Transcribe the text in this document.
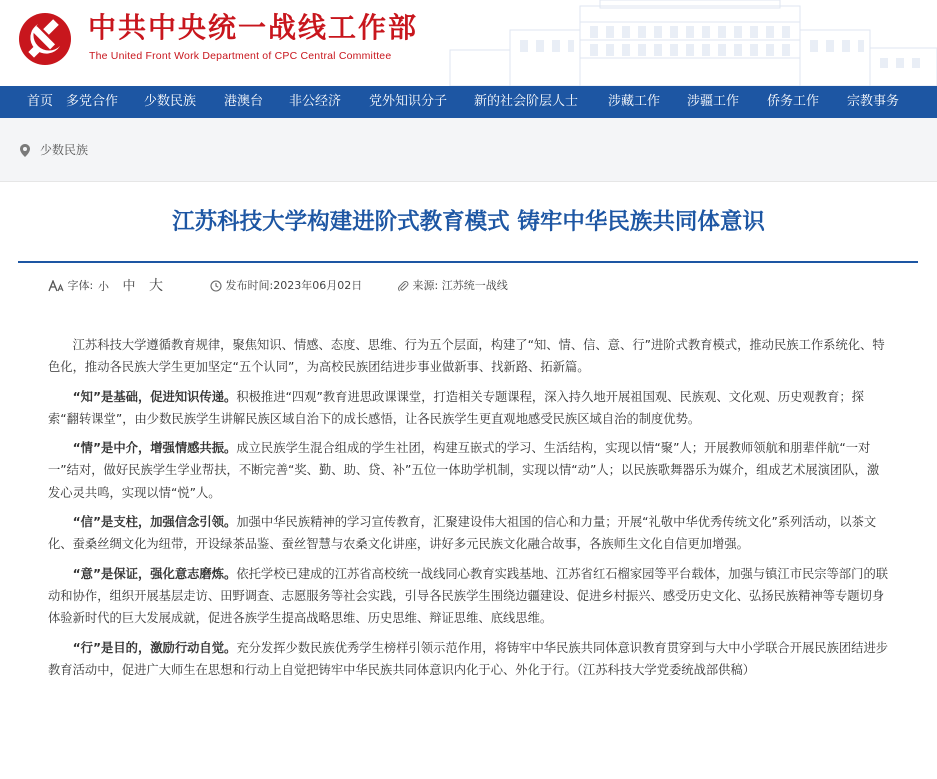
中共中央统一战线工作部
The United Front Work Department of CPC Central Committee
首页 多党合作	少数民族	港澳台	非公经济	党外知识分子	新的社会阶层人士	涉藏工作	涉疆工作	侨务工作	宗教事务
少数民族
江苏科技大学构建进阶式教育模式 铸牢中华民族共同体意识
字体: 小 中 大	发布时间:2023年06月02日	来源: 江苏统一战线

江苏科技大学遵循教育规律，聚焦知识、情感、态度、思维、行为五个层面，构建了“知、情、信、意、行”进阶式教育模式，推动民族工作系统化、特色化，推动各民族大学生更加坚定“五个认同”，为高校民族团结进步事业做新事、找新路、拓新篇。

“知”是基础，促进知识传递。积极推进“四观”教育进思政课课堂，打造相关专题课程，深入持久地开展祖国观、民族观、文化观、历史观教育；探索“翻转课堂”，由少数民族学生讲解民族区域自治下的成长感悟，让各民族学生更直观地感受民族区域自治的制度优势。

“情”是中介，增强情感共振。成立民族学生混合组成的学生社团，构建互嵌式的学习、生活结构，实现以情“聚”人；开展教师领航和朋辈伴航“一对一”结对，做好民族学生学业帮扶，不断完善“奖、勤、助、贷、补”五位一体助学机制，实现以情“动”人；以民族歌舞器乐为媒介，组成艺术展演团队，激发心灵共鸣，实现以情“悦”人。

“信”是支柱，加强信念引领。加强中华民族精神的学习宣传教育，汇聚建设伟大祖国的信心和力量；开展“礼敬中华优秀传统文化”系列活动，以茶文化、蚕桑丝绸文化为纽带，开设绿茶品鉴、蚕丝智慧与农桑文化讲座，讲好多元民族文化融合故事，各族师生文化自信更加增强。

“意”是保证，强化意志磨炼。依托学校已建成的江苏省高校统一战线同心教育实践基地、江苏省红石榴家园等平台载体，加强与镇江市民宗等部门的联动和协作，组织开展基层走访、田野调查、志愿服务等社会实践，引导各民族学生围绕边疆建设、促进乡村振兴、感受历史文化、弘扬民族精神等专题切身体验新时代的巨大发展成就，促进各族学生提高战略思维、历史思维、辩证思维、底线思维。

“行”是目的，激励行动自觉。充分发挥少数民族优秀学生榜样引领示范作用，将铸牢中华民族共同体意识教育贯穿到与大中小学联合开展民族团结进步教育活动中，促进广大师生在思想和行动上自觉把铸牢中华民族共同体意识内化于心、外化于行。（江苏科技大学党委统战部供稿）
